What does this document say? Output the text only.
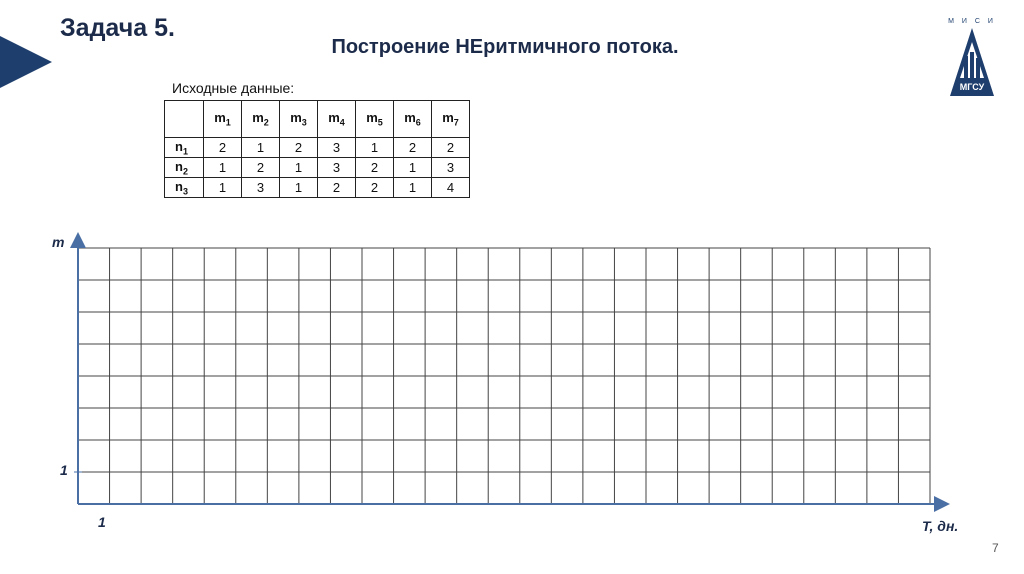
Задача 5.
Построение НЕритмичного потока.
М И С И
МГСУ
Исходные данные:
	$m_1$	$m_2$	$m_3$	$m_4$	$m_5$	$m_6$	$m_7$
$n_1$	2	1	2	3	1	2	2
$n_2$	1	2	1	3	2	1	3
$n_3$	1	3	1	2	2	1	4
m
1
1	T, дн.
7
